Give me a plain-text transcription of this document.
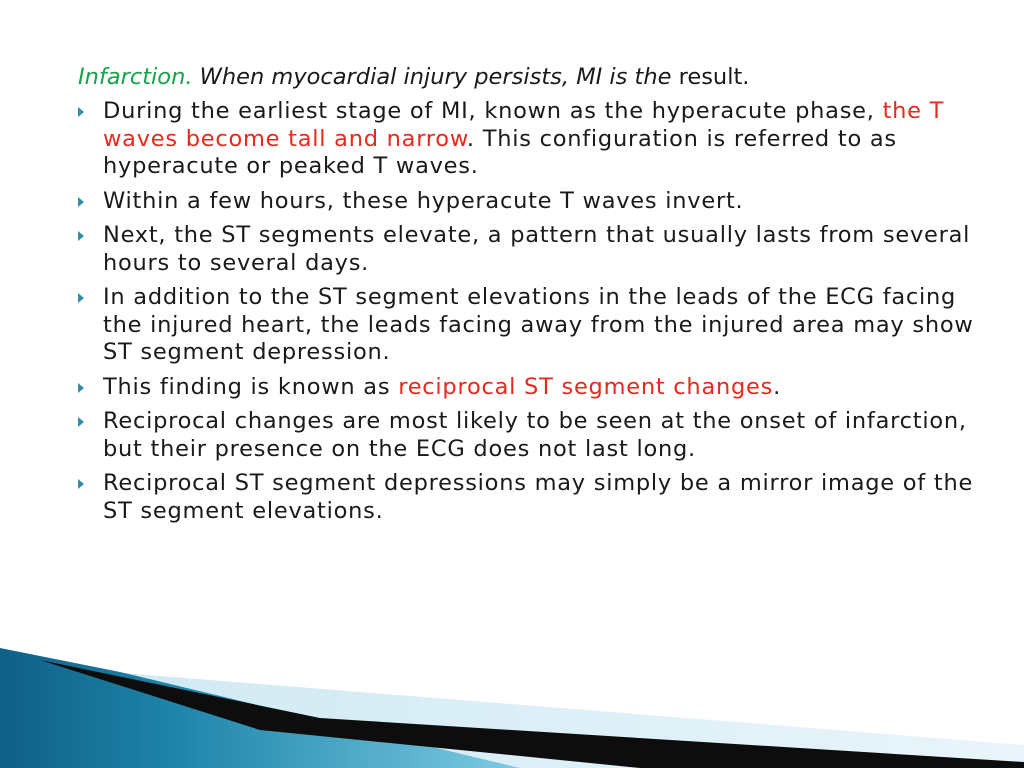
Infarction. When myocardial injury persists, MI is the result.

During the earliest stage of MI, known as the hyperacute phase, the T waves become tall and narrow. This configuration is referred to as hyperacute or peaked T waves.
Within a few hours, these hyperacute T waves invert.
Next, the ST segments elevate, a pattern that usually lasts from several hours to several days.
In addition to the ST segment elevations in the leads of the ECG facing the injured heart, the leads facing away from the injured area may show ST segment depression.
This finding is known as reciprocal ST segment changes.
Reciprocal changes are most likely to be seen at the onset of infarction, but their presence on the ECG does not last long.
Reciprocal ST segment depressions may simply be a mirror image of the ST segment elevations.
